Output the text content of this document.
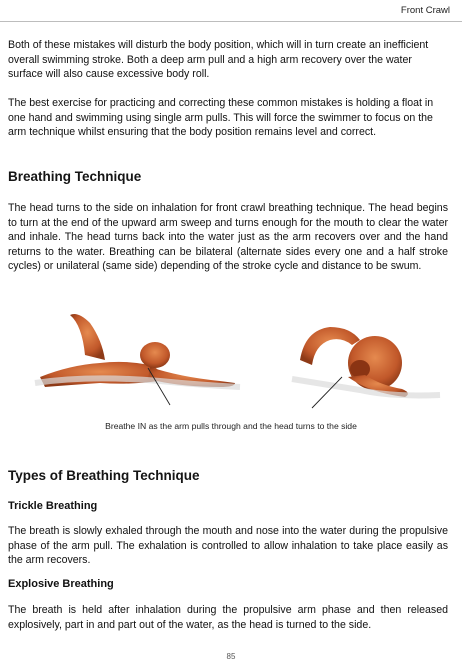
Front Crawl

Both of these mistakes will disturb the body position, which will in turn create an inefficient overall swimming stroke. Both a deep arm pull and a high arm recovery over the water surface will also cause excessive body roll.

The best exercise for practicing and correcting these common mistakes is holding a float in one hand and swimming using single arm pulls. This will force the swimmer to focus on the arm technique whilst ensuring that the body position remains level and correct.

Breathing Technique

The head turns to the side on inhalation for front crawl breathing technique. The head begins to turn at the end of the upward arm sweep and turns enough for the mouth to clear the water and inhale. The head turns back into the water just as the arm recovers over and the hand returns to the water. Breathing can be bilateral (alternate sides every one and a half stroke cycles) or unilateral (same side) depending of the stroke cycle and distance to be swum.

Breathe IN as the arm pulls through and the head turns to the side
Types of Breathing Technique
Trickle Breathing

The breath is slowly exhaled through the mouth and nose into the water during the propulsive phase of the arm pull. The exhalation is controlled to allow inhalation to take place easily as the arm recovers.

Explosive Breathing

The breath is held after inhalation during the propulsive arm phase and then released explosively, part in and part out of the water, as the head is turned to the side.

85
